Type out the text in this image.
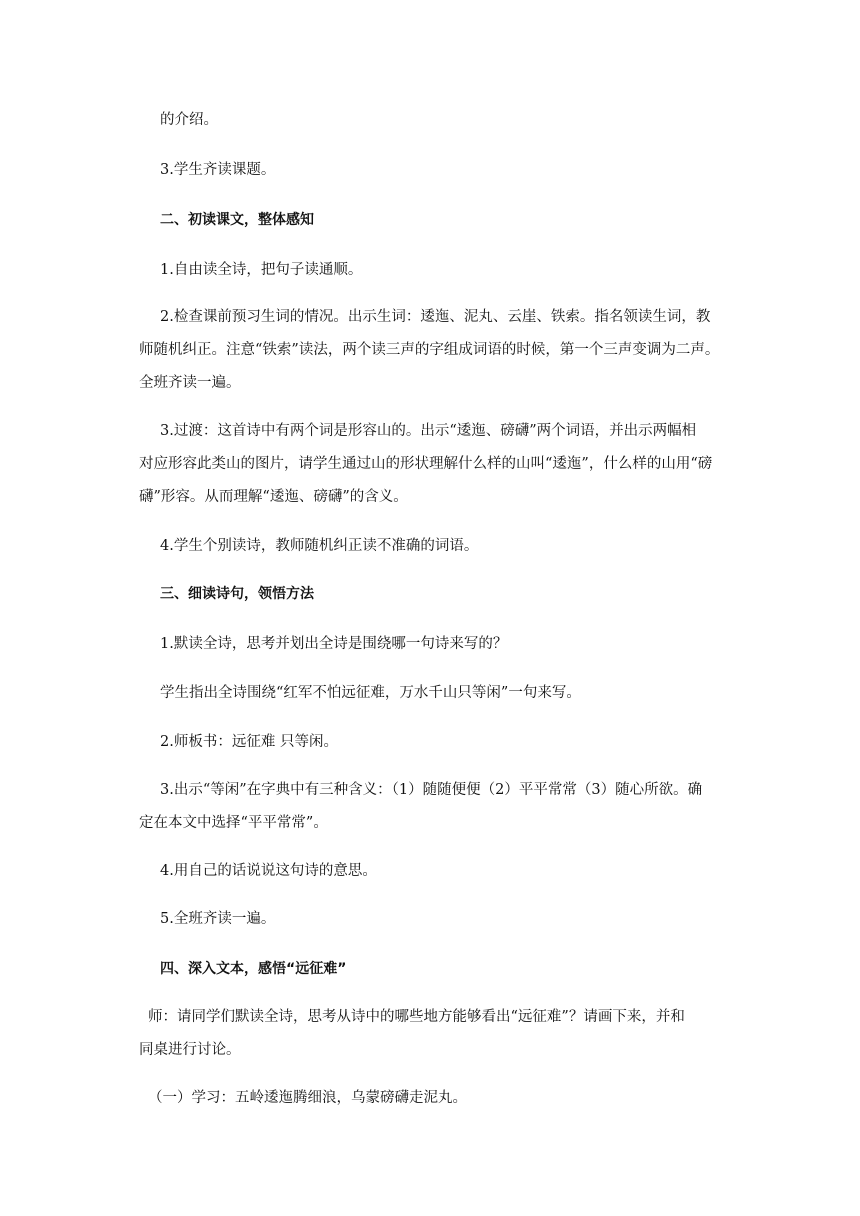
的介绍。

3.学生齐读课题。

二、初读课文，整体感知

1.自由读全诗，把句子读通顺。

2.检查课前预习生词的情况。出示生词：逶迤、泥丸、云崖、铁索。指名领读生词，教

师随机纠正。注意“铁索”读法，两个读三声的字组成词语的时候，第一个三声变调为二声。

全班齐读一遍。

3.过渡：这首诗中有两个词是形容山的。出示“逶迤、磅礴”两个词语，并出示两幅相

对应形容此类山的图片，请学生通过山的形状理解什么样的山叫“逶迤”，什么样的山用“磅

礴”形容。从而理解“逶迤、磅礴”的含义。

4.学生个别读诗，教师随机纠正读不准确的词语。

三、细读诗句，领悟方法

1.默读全诗，思考并划出全诗是围绕哪一句诗来写的？

学生指出全诗围绕“红军不怕远征难，万水千山只等闲”一句来写。

2.师板书：远征难 只等闲。

3.出示“等闲”在字典中有三种含义：（1）随随便便（2）平平常常（3）随心所欲。确

定在本文中选择“平平常常”。

4.用自己的话说说这句诗的意思。

5.全班齐读一遍。

四、深入文本，感悟“远征难”

师：请同学们默读全诗，思考从诗中的哪些地方能够看出“远征难”？请画下来，并和

同桌进行讨论。

（一）学习：五岭逶迤腾细浪，乌蒙磅礴走泥丸。
